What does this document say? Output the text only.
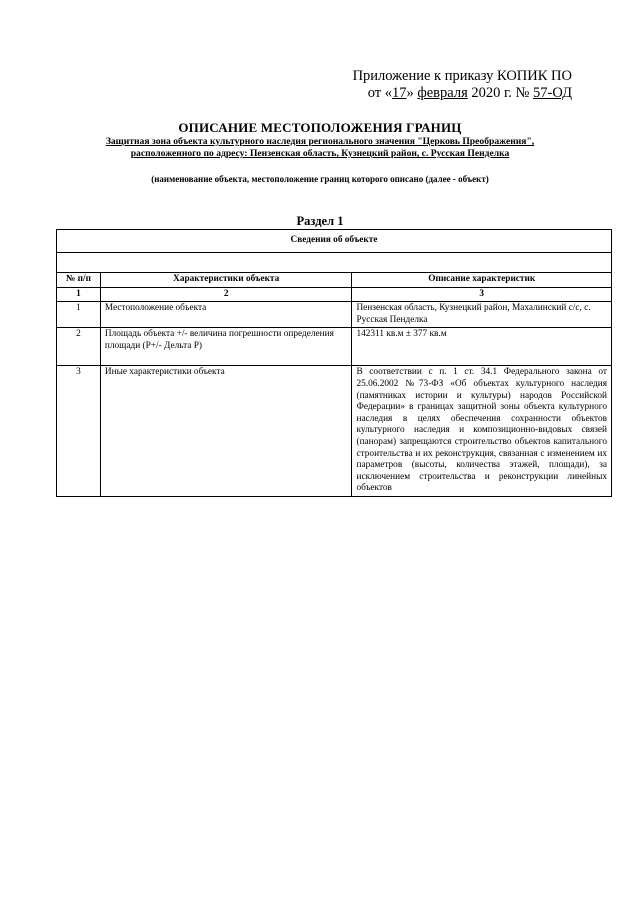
Приложение к приказу КОПИК ПО
от «17» февраля 2020 г. № 57-ОД
ОПИСАНИЕ МЕСТОПОЛОЖЕНИЯ ГРАНИЦ
Защитная зона объекта культурного наследия регионального значения "Церковь Преображения",
расположенного по адресу: Пензенская область, Кузнецкий район, с. Русская Пенделка
(наименование объекта, местоположение границ которого описано (далее - объект)
Раздел 1
Сведения об объекте		

№ п/п	Характеристики объекта	Описание характеристик
1	2	3
1	Местоположение объекта	Пензенская область, Кузнецкий район, Махалинский с/с, с. Русская Пенделка
2	Площадь объекта +/- величина погрешности определения площади (Р+/- Дельта Р)	142311 кв.м ± 377 кв.м
3	Иные характеристики объекта	В соответствии с п. 1 ст. 34.1 Федерального закона от 25.06.2002 №73-ФЗ «Об объектах культурного наследия (памятниках истории и культуры) народов Российской Федерации» в границах защитной зоны объекта культурного наследия в целях обеспечения сохранности объектов культурного наследия и композиционно-видовых связей (панорам) запрещаются строительство объектов капитального строительства и их реконструкция, связанная с изменением их параметров (высоты, количества этажей, площади), за исключением строительства и реконструкции линейных объектов
